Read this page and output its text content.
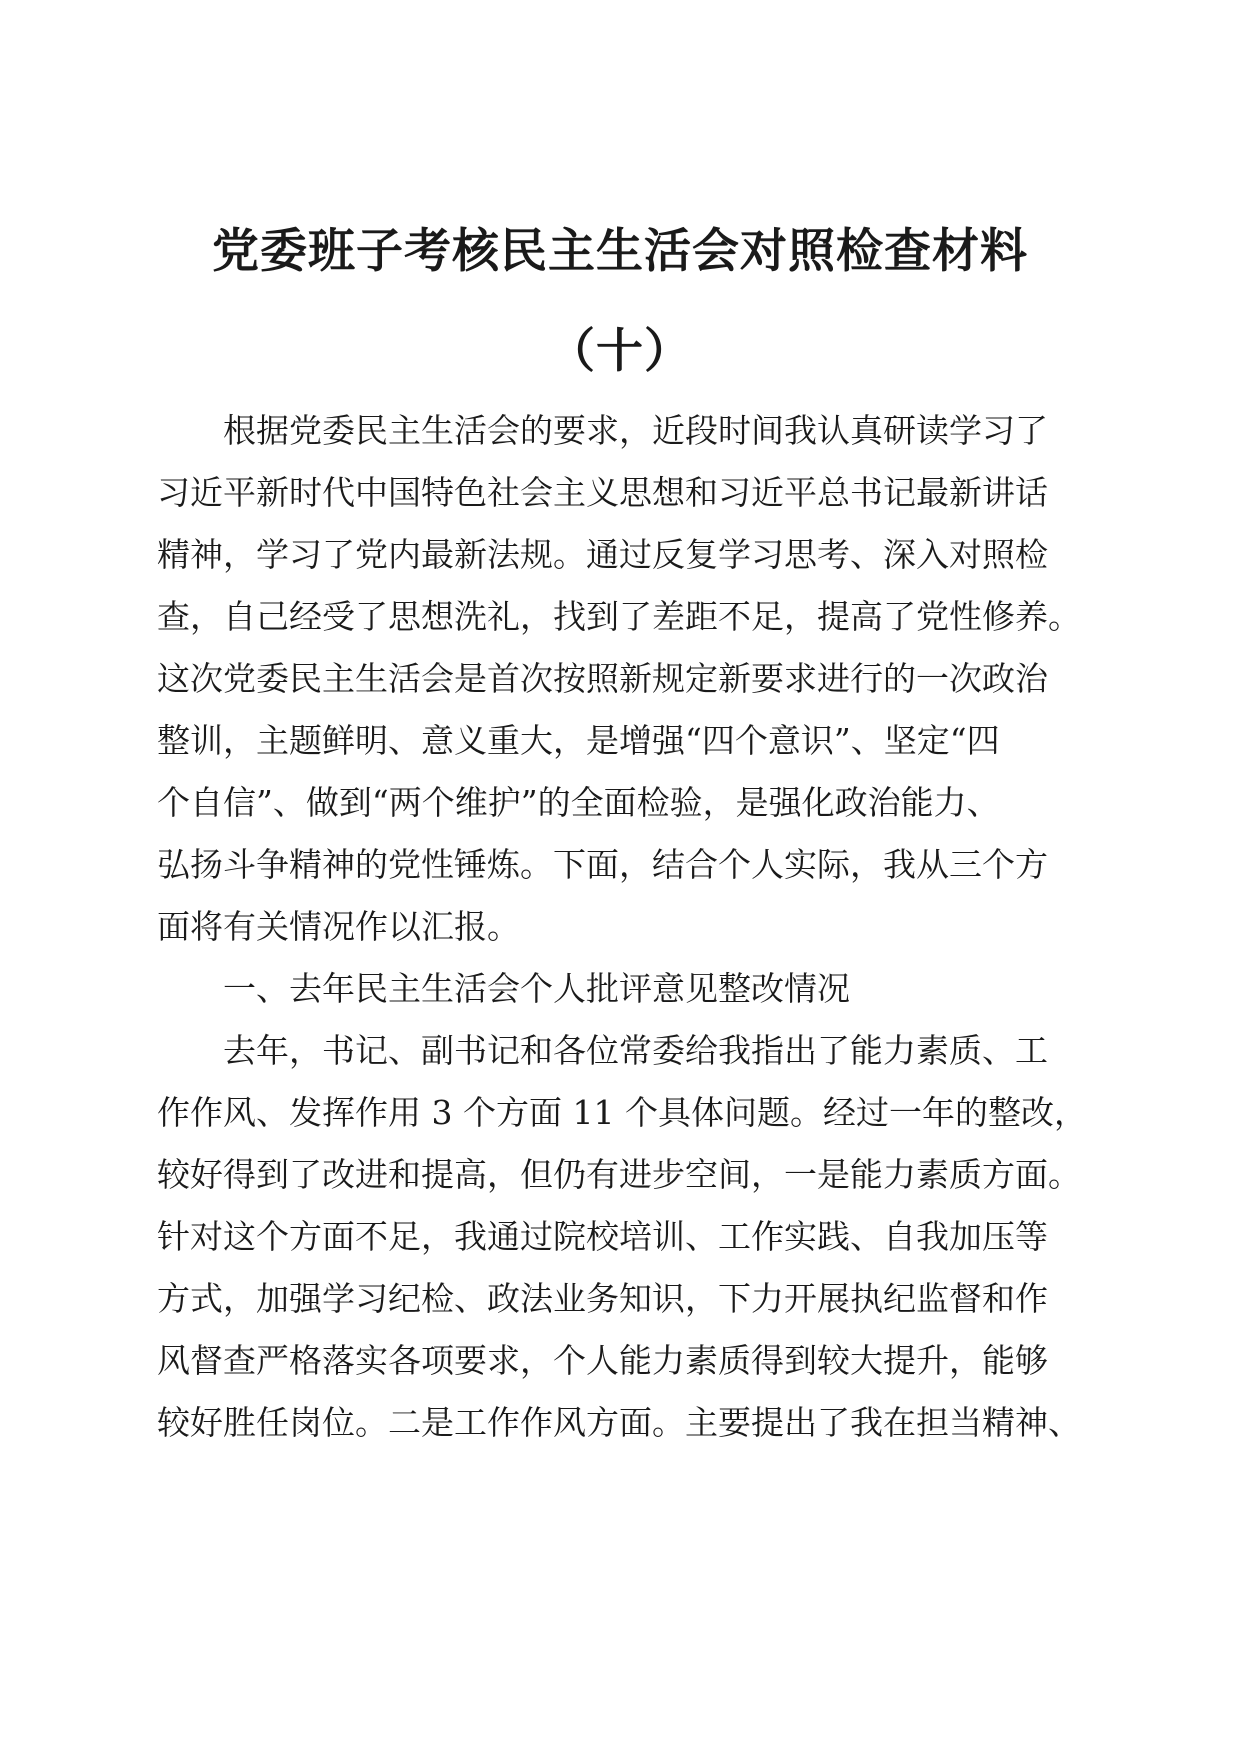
党委班子考核民主生活会对照检查材料
（十）
根据党委民主生活会的要求，近段时间我认真研读学习了
习近平新时代中国特色社会主义思想和习近平总书记最新讲话
精神，学习了党内最新法规。通过反复学习思考、深入对照检
查，自己经受了思想洗礼，找到了差距不足，提高了党性修养。
这次党委民主生活会是首次按照新规定新要求进行的一次政治
整训，主题鲜明、意义重大，是增强“四个意识”、坚定“四
个自信”、做到“两个维护”的全面检验，是强化政治能力、
弘扬斗争精神的党性锤炼。下面，结合个人实际，我从三个方
面将有关情况作以汇报。
一、去年民主生活会个人批评意见整改情况
去年，书记、副书记和各位常委给我指出了能力素质、工
作作风、发挥作用 3 个方面 11 个具体问题。经过一年的整改，
较好得到了改进和提高，但仍有进步空间，一是能力素质方面。
针对这个方面不足，我通过院校培训、工作实践、自我加压等
方式，加强学习纪检、政法业务知识，下力开展执纪监督和作
风督查严格落实各项要求，个人能力素质得到较大提升，能够
较好胜任岗位。二是工作作风方面。主要提出了我在担当精神、
